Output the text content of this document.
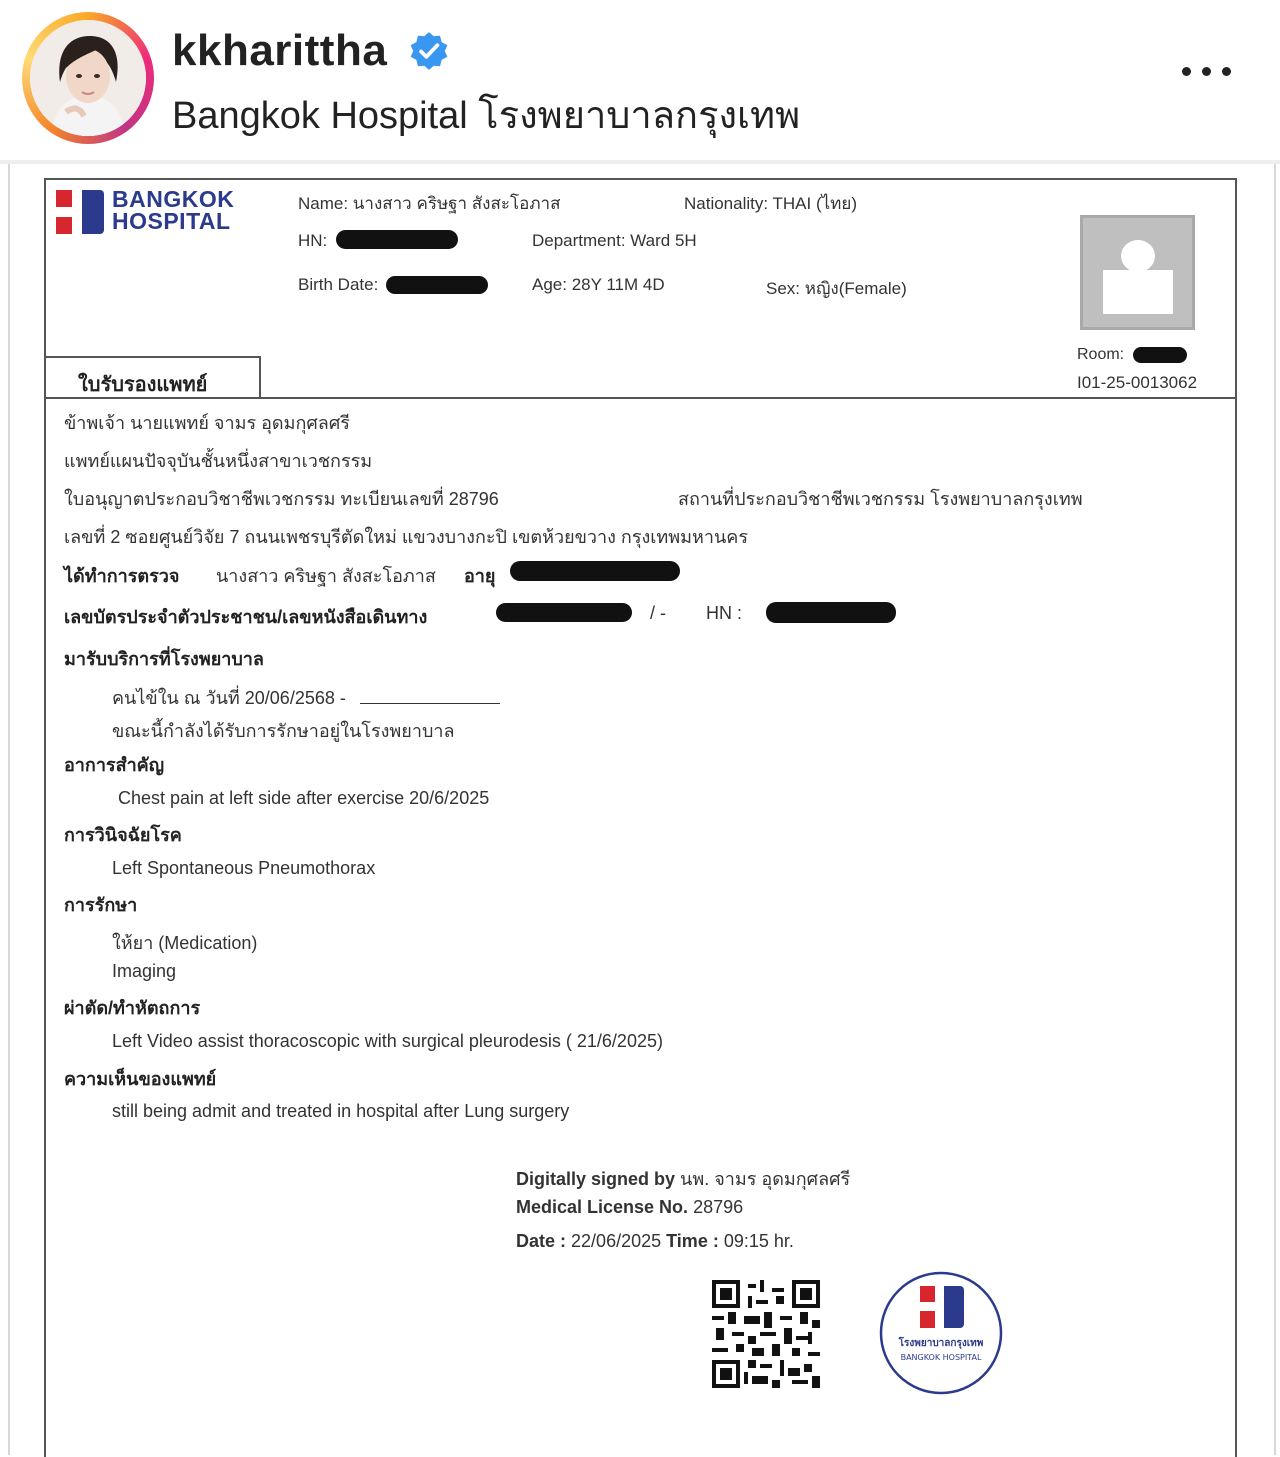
kkharittha
Bangkok Hospital โรงพยาบาลกรุงเทพ
BANGKOK
HOSPITAL
Name: นางสาว คริษฐา สังสะโอภาส	Nationality: THAI (ไทย)
HN:	Department: Ward 5H
Birth Date:	Age: 28Y 11M 4D	Sex: หญิง(Female)
Room:
I01-25-0013062
ใบรับรองแพทย์
ข้าพเจ้า นายแพทย์ จามร อุดมกุศลศรี
แพทย์แผนปัจจุบันชั้นหนึ่งสาขาเวชกรรม
ใบอนุญาตประกอบวิชาชีพเวชกรรม ทะเบียนเลขที่ 28796	สถานที่ประกอบวิชาชีพเวชกรรม โรงพยาบาลกรุงเทพ
เลขที่ 2 ซอยศูนย์วิจัย 7 ถนนเพชรบุรีตัดใหม่ แขวงบางกะปิ เขตห้วยขวาง กรุงเทพมหานคร
ได้ทำการตรวจ นางสาว คริษฐา สังสะโอภาส อายุ
เลขบัตรประจำตัวประชาชน/เลขหนังสือเดินทาง	/ - HN :
มารับบริการที่โรงพยาบาล
คนไข้ใน ณ วันที่ 20/06/2568 -
ขณะนี้กำลังได้รับการรักษาอยู่ในโรงพยาบาล
อาการสำคัญ
Chest pain at left side after exercise 20/6/2025
การวินิจฉัยโรค
Left Spontaneous Pneumothorax
การรักษา
ให้ยา (Medication)
Imaging
ผ่าตัด/ทำหัตถการ
Left Video assist thoracoscopic with surgical pleurodesis ( 21/6/2025)
ความเห็นของแพทย์
still being admit and treated in hospital after Lung surgery
Digitally signed by นพ. จามร อุดมกุศลศรี
Medical License No. 28796
Date : 22/06/2025 Time : 09:15 hr.
โรงพยาบาลกรุงเทพ
BANGKOK HOSPITAL
